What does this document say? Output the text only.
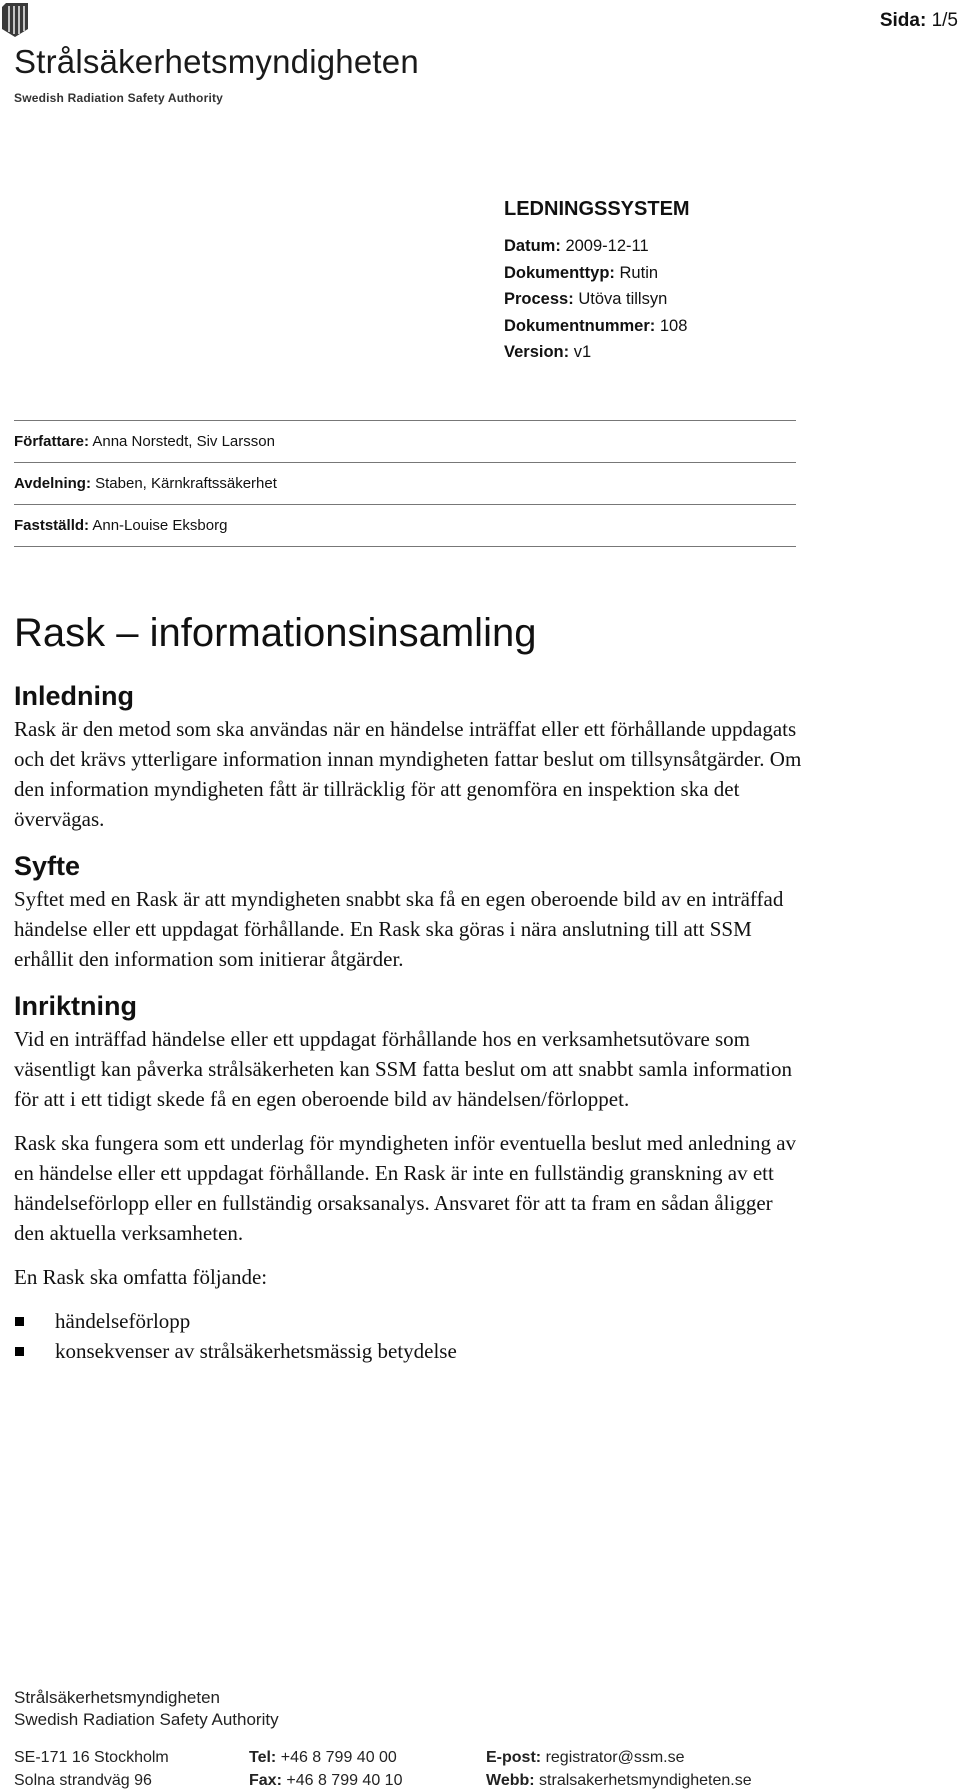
Strålsäkerhetsmyndigheten
Swedish Radiation Safety Authority
Sida: 1/5
LEDNINGSSYSTEM
Datum: 2009-12-11
Dokumenttyp: Rutin
Process: Utöva tillsyn
Dokumentnummer: 108
Version: v1
Författare: Anna Norstedt, Siv Larsson
Avdelning: Staben, Kärnkraftssäkerhet
Fastställd: Ann-Louise Eksborg
Rask – informationsinsamling
Inledning

Rask är den metod som ska användas när en händelse inträffat eller ett förhållande uppdagats och det krävs ytterligare information innan myndigheten fattar beslut om tillsynsåtgärder. Om den information myndigheten fått är tillräcklig för att genomföra en inspektion ska det övervägas.

Syfte

Syftet med en Rask är att myndigheten snabbt ska få en egen oberoende bild av en inträffad händelse eller ett uppdagat förhållande. En Rask ska göras i nära anslutning till att SSM erhållit den information som initierar åtgärder.

Inriktning

Vid en inträffad händelse eller ett uppdagat förhållande hos en verksamhetsutövare som väsentligt kan påverka strålsäkerheten kan SSM fatta beslut om att snabbt samla information för att i ett tidigt skede få en egen oberoende bild av händelsen/förloppet.

Rask ska fungera som ett underlag för myndigheten inför eventuella beslut med anledning av en händelse eller ett uppdagat förhållande. En Rask är inte en fullständig granskning av ett händelseförlopp eller en fullständig orsaksanalys. Ansvaret för att ta fram en sådan åligger den aktuella verksamheten.

En Rask ska omfatta följande:

händelseförlopp
konsekvenser av strålsäkerhetsmässig betydelse
Strålsäkerhetsmyndigheten
Swedish Radiation Safety Authority
SE-171 16 Stockholm
Solna strandväg 96
Tel: +46 8 799 40 00
Fax: +46 8 799 40 10
E-post: registrator@ssm.se
Webb: stralsakerhetsmyndigheten.se
